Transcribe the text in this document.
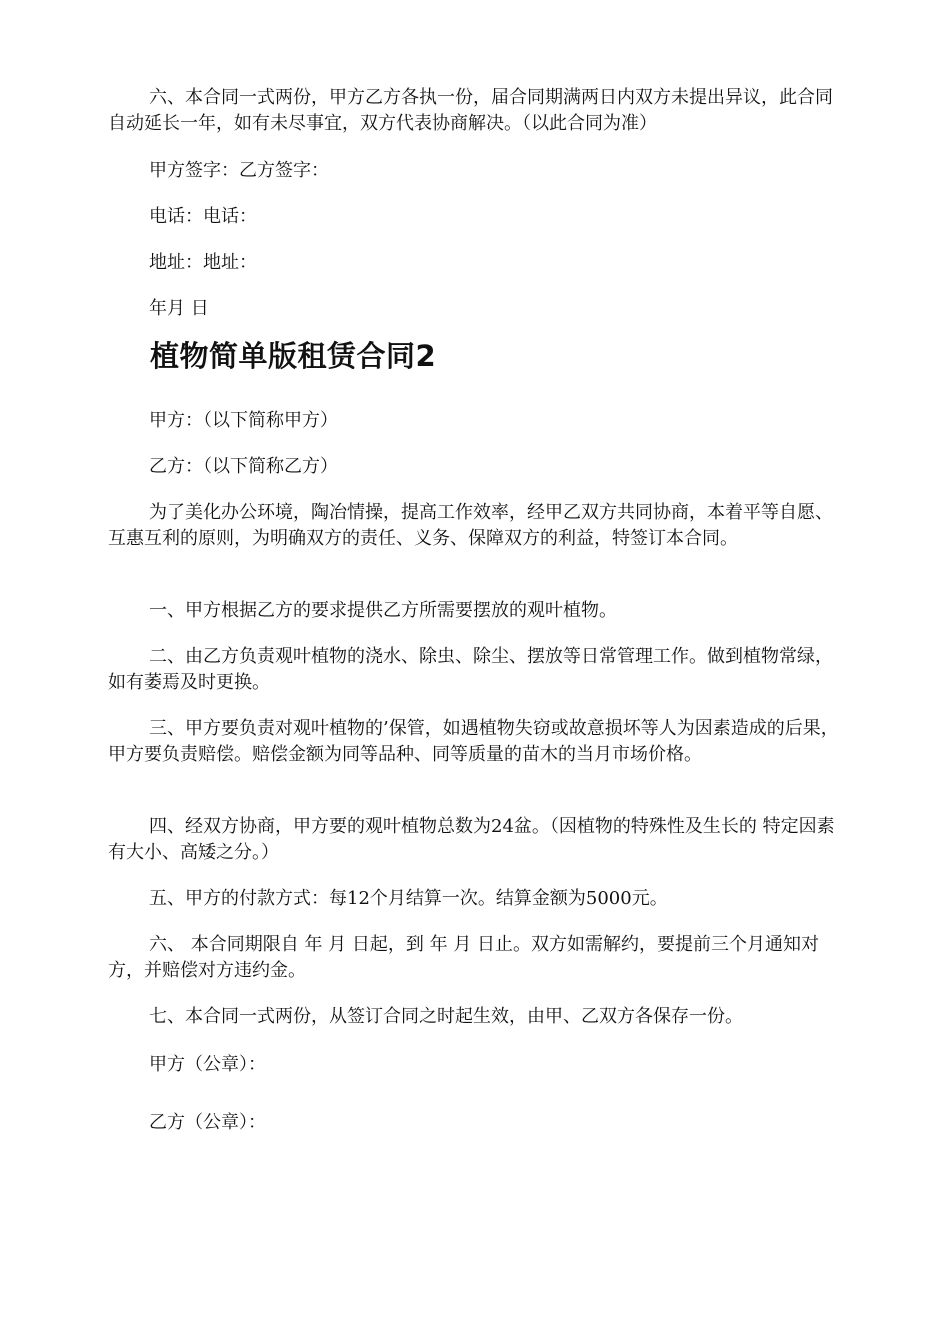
六、本合同一式两份，甲方乙方各执一份，届合同期满两日内双方未提出异议，此合同自动延长一年，如有未尽事宜，双方代表协商解决。（以此合同为准）

甲方签字：乙方签字：

电话：电话：

地址：地址：

年月 日

植物简单版租赁合同2

甲方：（以下简称甲方）

乙方：（以下简称乙方）

为了美化办公环境，陶冶情操，提高工作效率，经甲乙双方共同协商，本着平等自愿、互惠互利的原则，为明确双方的责任、义务、保障双方的利益，特签订本合同。

一、甲方根据乙方的要求提供乙方所需要摆放的观叶植物。

二、由乙方负责观叶植物的浇水、除虫、除尘、摆放等日常管理工作。做到植物常绿，如有萎焉及时更换。

三、甲方要负责对观叶植物的’保管，如遇植物失窃或故意损坏等人为因素造成的后果，甲方要负责赔偿。赔偿金额为同等品种、同等质量的苗木的当月市场价格。

四、经双方协商，甲方要的观叶植物总数为24盆。（因植物的特殊性及生长的 特定因素有大小、高矮之分。）

五、甲方的付款方式：每12个月结算一次。结算金额为5000元。

六、 本合同期限自 年 月 日起，到 年 月 日止。双方如需解约，要提前三个月通知对方，并赔偿对方违约金。

七、本合同一式两份，从签订合同之时起生效，由甲、乙双方各保存一份。

甲方（公章）：

乙方（公章）：
